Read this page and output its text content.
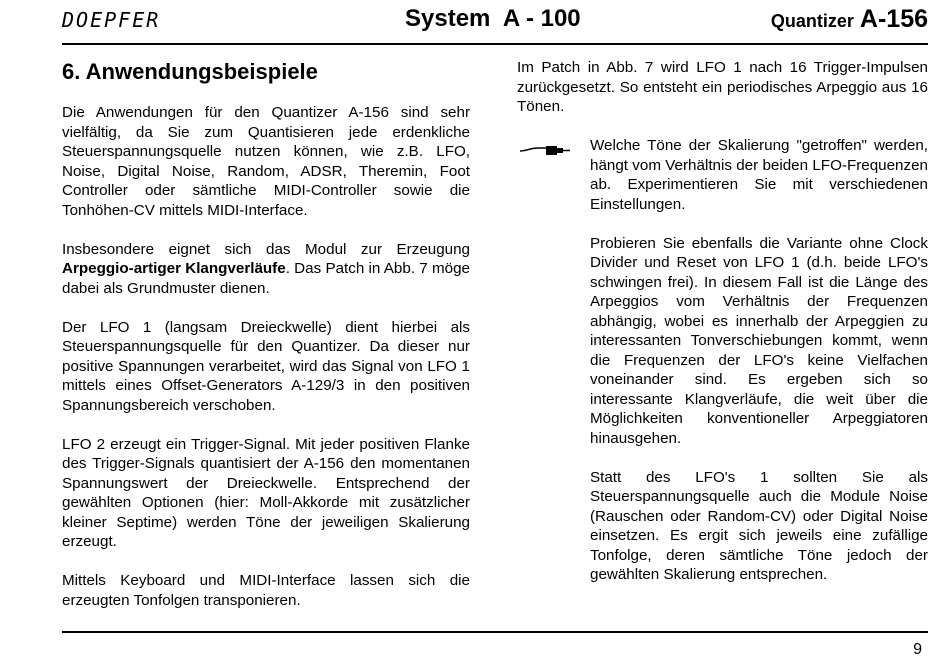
DOEPFER	System  A - 100	Quantizer A-156
6. Anwendungsbeispiele

Die Anwendungen für den Quantizer A-156 sind sehr vielfältig, da Sie zum Quantisieren jede erdenkliche Steuerspannungsquelle nutzen können, wie z.B. LFO, Noise, Digital Noise, Random, ADSR, Theremin, Foot Controller oder sämtliche MIDI-Controller sowie die Tonhöhen-CV mittels MIDI-Interface.

Insbesondere eignet sich das Modul zur Erzeugung Arpeggio-artiger Klangverläufe. Das Patch in Abb. 7 möge dabei als Grundmuster dienen.

Der LFO 1 (langsam Dreieckwelle) dient hierbei als Steuerspannungsquelle für den Quantizer. Da dieser nur positive Spannungen verarbeitet, wird das Signal von LFO 1 mittels eines Offset-Generators A-129/3 in den positiven Spannungsbereich verschoben.

LFO 2 erzeugt ein Trigger-Signal. Mit jeder positiven Flanke des Trigger-Signals quantisiert der A-156 den momentanen Spannungswert der Dreieckwelle. Entsprechend der gewählten Optionen (hier: Moll-Akkorde mit zusätzlicher kleiner Septime) werden Töne der jeweiligen Skalierung erzeugt.

Mittels Keyboard und MIDI-Interface lassen sich die erzeugten Tonfolgen transponieren.

Im Patch in Abb. 7 wird LFO 1 nach 16 Trigger-Impulsen zurückgesetzt. So entsteht ein periodisches Arpeggio aus 16 Tönen.

Welche Töne der Skalierung "getroffen" werden, hängt vom Verhältnis der beiden LFO-Frequenzen ab. Experimentieren Sie mit verschiedenen Einstellungen.

Probieren Sie ebenfalls die Variante ohne Clock Divider und Reset von LFO 1 (d.h. beide LFO's schwingen frei). In diesem Fall ist die Länge des Arpeggios vom Verhältnis der Frequenzen abhängig, wobei es innerhalb der Arpeggien zu interessanten Tonverschiebungen kommt, wenn die Frequenzen der LFO's keine Vielfachen voneinander sind. Es ergeben sich so interessante Klangverläufe, die weit über die Möglichkeiten konventioneller Arpeggiatoren hinausgehen.

Statt des LFO's 1 sollten Sie als Steuerspannungsquelle auch die Module Noise (Rauschen oder Random-CV) oder Digital Noise einsetzen. Es ergit sich jeweils eine zufällige Tonfolge, deren sämtliche Töne jedoch der gewählten Skalierung entsprechen.

9
